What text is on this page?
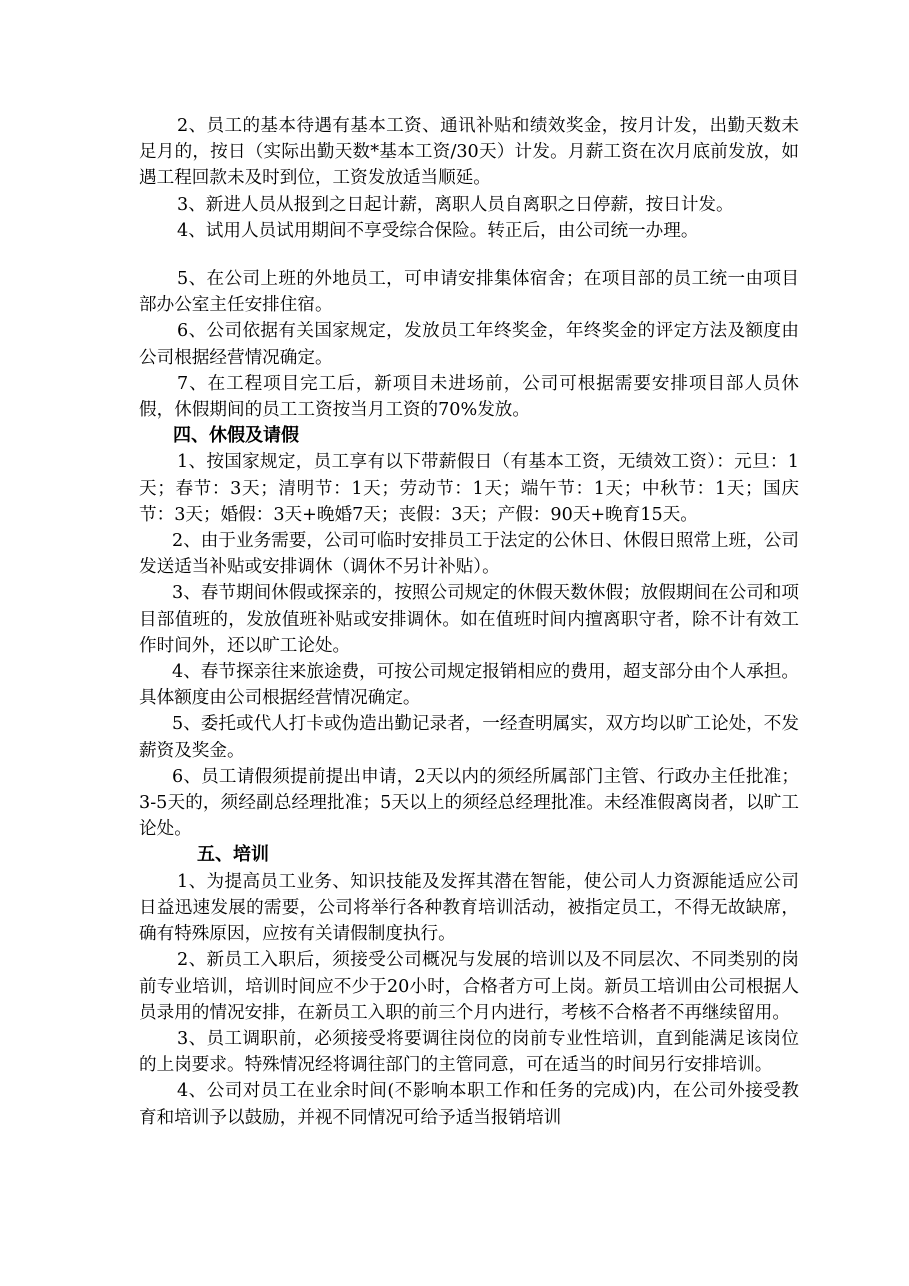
2、员工的基本待遇有基本工资、通讯补贴和绩效奖金，按月计发，出勤天数未足月的，按日（实际出勤天数*基本工资/30天）计发。月薪工资在次月底前发放，如遇工程回款未及时到位，工资发放适当顺延。

3、新进人员从报到之日起计薪，离职人员自离职之日停薪，按日计发。

4、试用人员试用期间不享受综合保险。转正后，由公司统一办理。

5、在公司上班的外地员工，可申请安排集体宿舍；在项目部的员工统一由项目部办公室主任安排住宿。

6、公司依据有关国家规定，发放员工年终奖金，年终奖金的评定方法及额度由公司根据经营情况确定。

7、在工程项目完工后，新项目未进场前，公司可根据需要安排项目部人员休假，休假期间的员工工资按当月工资的70%发放。

四、休假及请假

1、按国家规定，员工享有以下带薪假日（有基本工资，无绩效工资）：元旦：1天；春节：3天；清明节：1天；劳动节：1天；端午节：1天；中秋节：1天；国庆节：3天；婚假：3天+晚婚7天；丧假：3天；产假：90天+晚育15天。

2、由于业务需要，公司可临时安排员工于法定的公休日、休假日照常上班，公司发送适当补贴或安排调休（调休不另计补贴）。

3、春节期间休假或探亲的，按照公司规定的休假天数休假；放假期间在公司和项目部值班的，发放值班补贴或安排调休。如在值班时间内擅离职守者，除不计有效工作时间外，还以旷工论处。

4、春节探亲往来旅途费，可按公司规定报销相应的费用，超支部分由个人承担。具体额度由公司根据经营情况确定。

5、委托或代人打卡或伪造出勤记录者，一经查明属实，双方均以旷工论处，不发薪资及奖金。

6、员工请假须提前提出申请，2天以内的须经所属部门主管、行政办主任批准；3-5天的，须经副总经理批准；5天以上的须经总经理批准。未经准假离岗者，以旷工论处。

五、培训

1、为提高员工业务、知识技能及发挥其潜在智能，使公司人力资源能适应公司日益迅速发展的需要，公司将举行各种教育培训活动，被指定员工，不得无故缺席，确有特殊原因，应按有关请假制度执行。

2、新员工入职后，须接受公司概况与发展的培训以及不同层次、不同类别的岗前专业培训，培训时间应不少于20小时，合格者方可上岗。新员工培训由公司根据人员录用的情况安排，在新员工入职的前三个月内进行，考核不合格者不再继续留用。

3、员工调职前，必须接受将要调往岗位的岗前专业性培训，直到能满足该岗位的上岗要求。特殊情况经将调往部门的主管同意，可在适当的时间另行安排培训。

4、公司对员工在业余时间(不影响本职工作和任务的完成)内，在公司外接受教育和培训予以鼓励，并视不同情况可给予适当报销培训
